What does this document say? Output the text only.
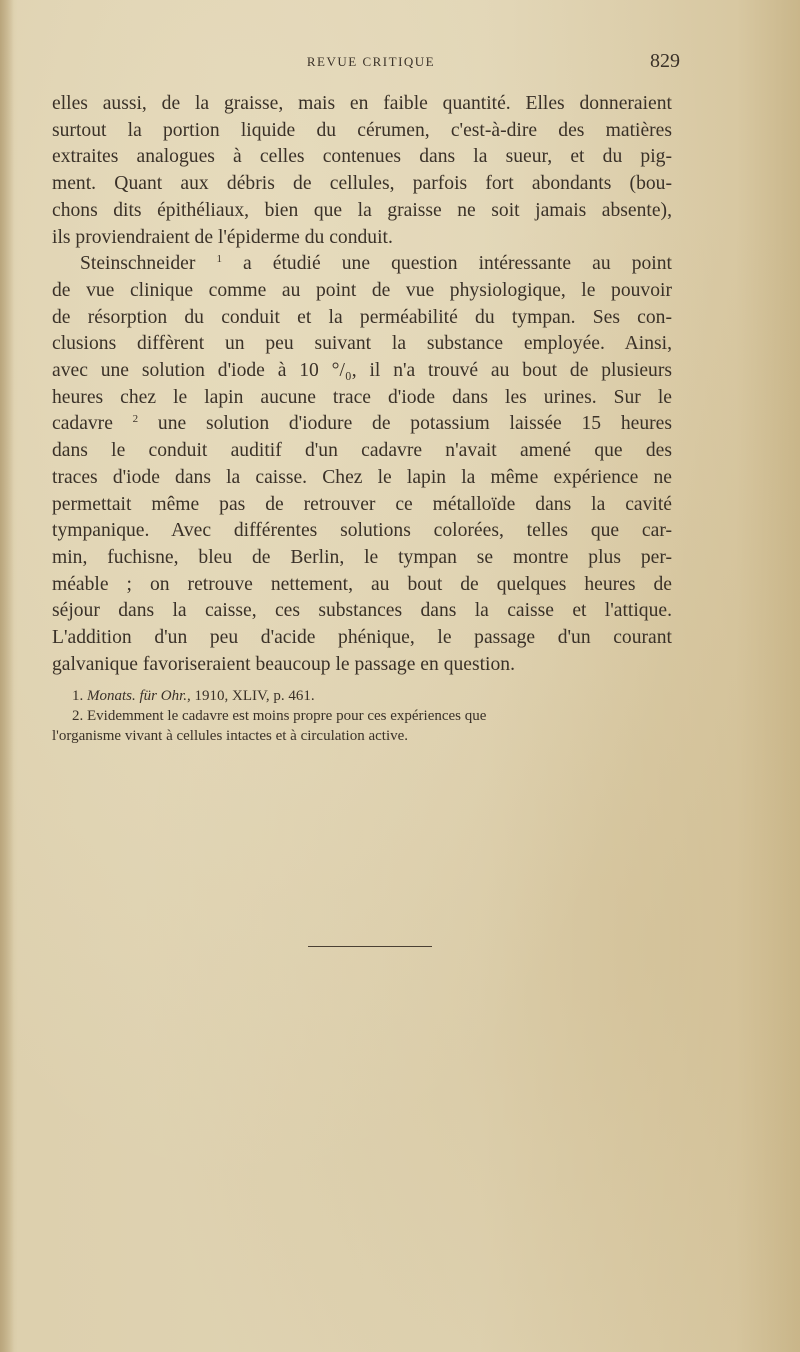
REVUE CRITIQUE	829
elles aussi, de la graisse, mais en faible quantité. Elles donneraient
surtout la portion liquide du cérumen, c'est-à-dire des matières
extraites analogues à celles contenues dans la sueur, et du pig-
ment. Quant aux débris de cellules, parfois fort abondants (bou-
chons dits épithéliaux, bien que la graisse ne soit jamais absente),
ils proviendraient de l'épiderme du conduit.
Steinschneider $^1$ a étudié une question intéressante au point
de vue clinique comme au point de vue physiologique, le pouvoir
de résorption du conduit et la perméabilité du tympan. Ses con-
clusions diffèrent un peu suivant la substance employée. Ainsi,
avec une solution d'iode à 10 °/₀, il n'a trouvé au bout de plusieurs
heures chez le lapin aucune trace d'iode dans les urines. Sur le
cadavre $^2$ une solution d'iodure de potassium laissée 15 heures
dans le conduit auditif d'un cadavre n'avait amené que des
traces d'iode dans la caisse. Chez le lapin la même expérience ne
permettait même pas de retrouver ce métalloïde dans la cavité
tympanique. Avec différentes solutions colorées, telles que car-
min, fuchisne, bleu de Berlin, le tympan se montre plus per-
méable ; on retrouve nettement, au bout de quelques heures de
séjour dans la caisse, ces substances dans la caisse et l'attique.
L'addition d'un peu d'acide phénique, le passage d'un courant
galvanique favoriseraient beaucoup le passage en question.
1. Monats. für Ohr., 1910, XLIV, p. 461.
2. Evidemment le cadavre est moins propre pour ces expériences que
l'organisme vivant à cellules intactes et à circulation active.
